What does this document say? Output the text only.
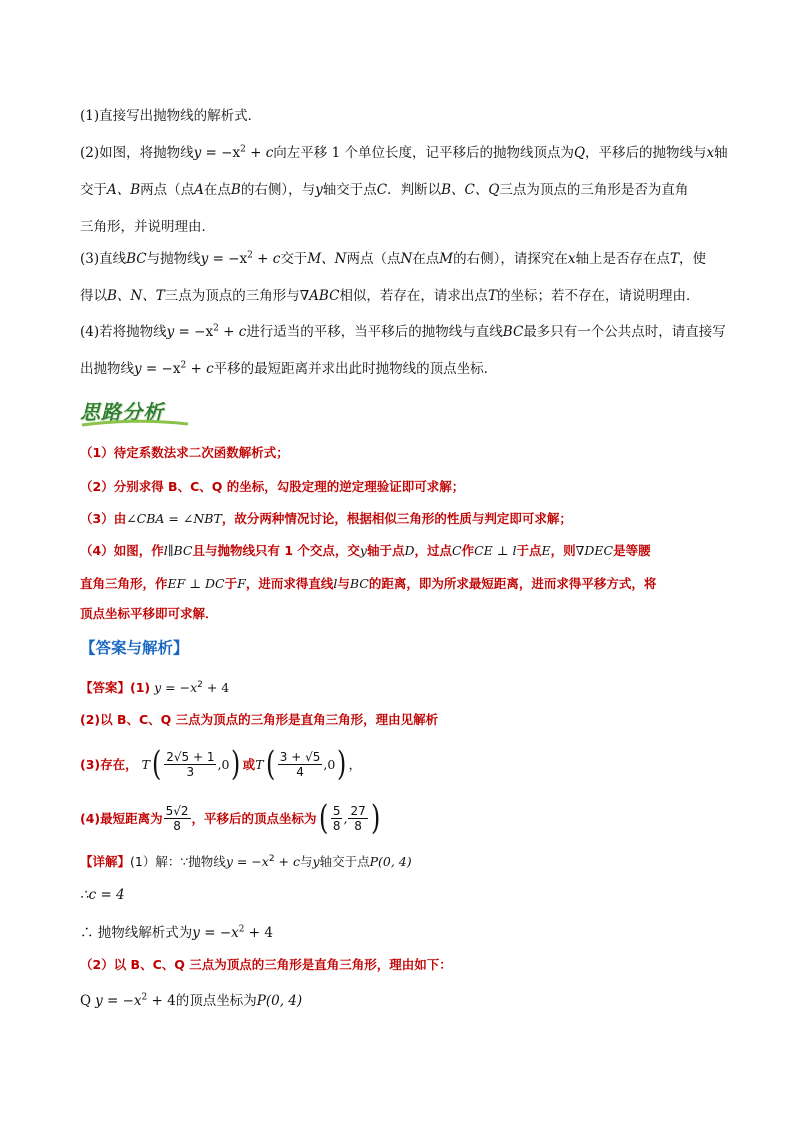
(1)直接写出抛物线的解析式．
(2)如图，将抛物线$y = -x^2 + c$向左平移 1 个单位长度，记平移后的抛物线顶点为Q，平移后的抛物线与x轴
交于A、B两点（点A在点B的右侧），与y轴交于点C．判断以B、C、Q三点为顶点的三角形是否为直角
三角形，并说明理由．
(3)直线BC与抛物线$y = -x^2 + c$交于M、N两点（点N在点M的右侧），请探究在x轴上是否存在点T，使
得以B、N、T三点为顶点的三角形与∇ABC相似，若存在，请求出点T的坐标；若不存在，请说明理由．
(4)若将抛物线$y = -x^2 + c$进行适当的平移，当平移后的抛物线与直线BC最多只有一个公共点时，请直接写
出抛物线$y = -x^2 + c$平移的最短距离并求出此时抛物线的顶点坐标．
思路分析
（1）待定系数法求二次函数解析式；
（2）分别求得 B、C、Q 的坐标，勾股定理的逆定理验证即可求解；
（3）由∠CBA = ∠NBT，故分两种情况讨论，根据相似三角形的性质与判定即可求解；
（4）如图，作l∥BC且与抛物线只有 1 个交点，交y轴于点D，过点C作CE ⊥ l于点E，则∇DEC是等腰
直角三角形，作EF ⊥ DC于F，进而求得直线l与BC的距离，即为所求最短距离，进而求得平移方式，将
顶点坐标平移即可求解．
【答案与解析】
【答案】(1) $y = -x^2 + 4$
(2)以 B、C、Q 三点为顶点的三角形是直角三角形，理由见解析
(3)存在， T ( $\frac{2√5 + 1}{3} ,0$ ) 或 T ( $\frac{3 + √5}{4} ,0$ ) ，
(4)最短距离为 $\frac{5√2}{8}$ ，平移后的顶点坐标为 ( $\frac{5}{8}$ , $\frac{27}{8}$ )
【详解】(1）解：∵抛物线$y = -x^2 + c$与y轴交于点P(0, 4)
∴c = 4
∴ 抛物线解析式为$y = -x^2 + 4$
（2）以 B、C、Q 三点为顶点的三角形是直角三角形，理由如下：
Q $y = -x^2 + 4$的顶点坐标为P(0, 4)
